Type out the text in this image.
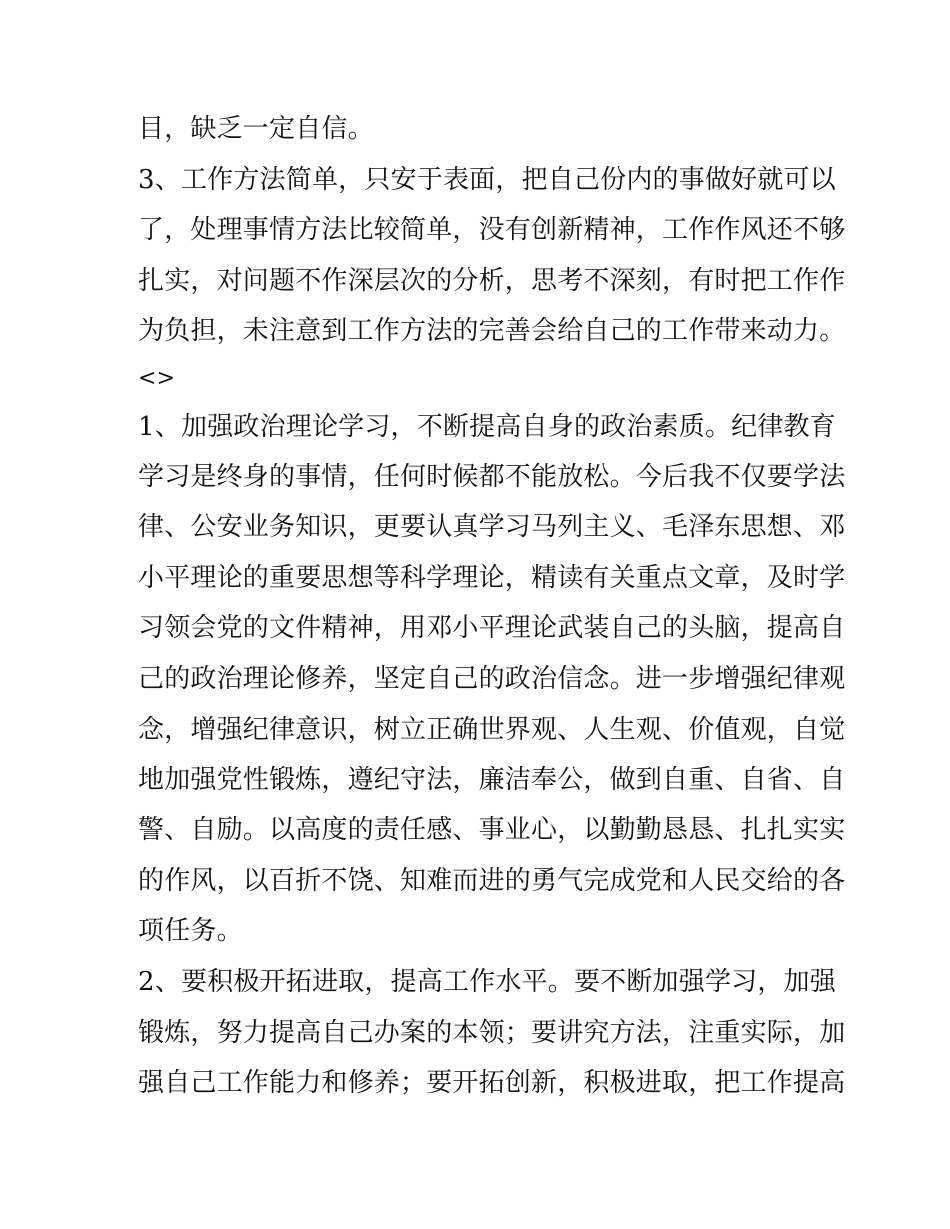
目，缺乏一定自信。
3、工作方法简单，只安于表面，把自己份内的事做好就可以
了，处理事情方法比较简单，没有创新精神，工作作风还不够
扎实，对问题不作深层次的分析，思考不深刻，有时把工作作
为负担，未注意到工作方法的完善会给自己的工作带来动力。
<>
1、加强政治理论学习，不断提高自身的政治素质。纪律教育
学习是终身的事情，任何时候都不能放松。今后我不仅要学法
律、公安业务知识，更要认真学习马列主义、毛泽东思想、邓
小平理论的重要思想等科学理论，精读有关重点文章，及时学
习领会党的文件精神，用邓小平理论武装自己的头脑，提高自
己的政治理论修养，坚定自己的政治信念。进一步增强纪律观
念，增强纪律意识，树立正确世界观、人生观、价值观，自觉
地加强党性锻炼，遵纪守法，廉洁奉公，做到自重、自省、自
警、自励。以高度的责任感、事业心，以勤勤恳恳、扎扎实实
的作风，以百折不饶、知难而进的勇气完成党和人民交给的各
项任务。
2、要积极开拓进取，提高工作水平。要不断加强学习，加强
锻炼，努力提高自己办案的本领；要讲究方法，注重实际，加
强自己工作能力和修养；要开拓创新，积极进取，把工作提高
